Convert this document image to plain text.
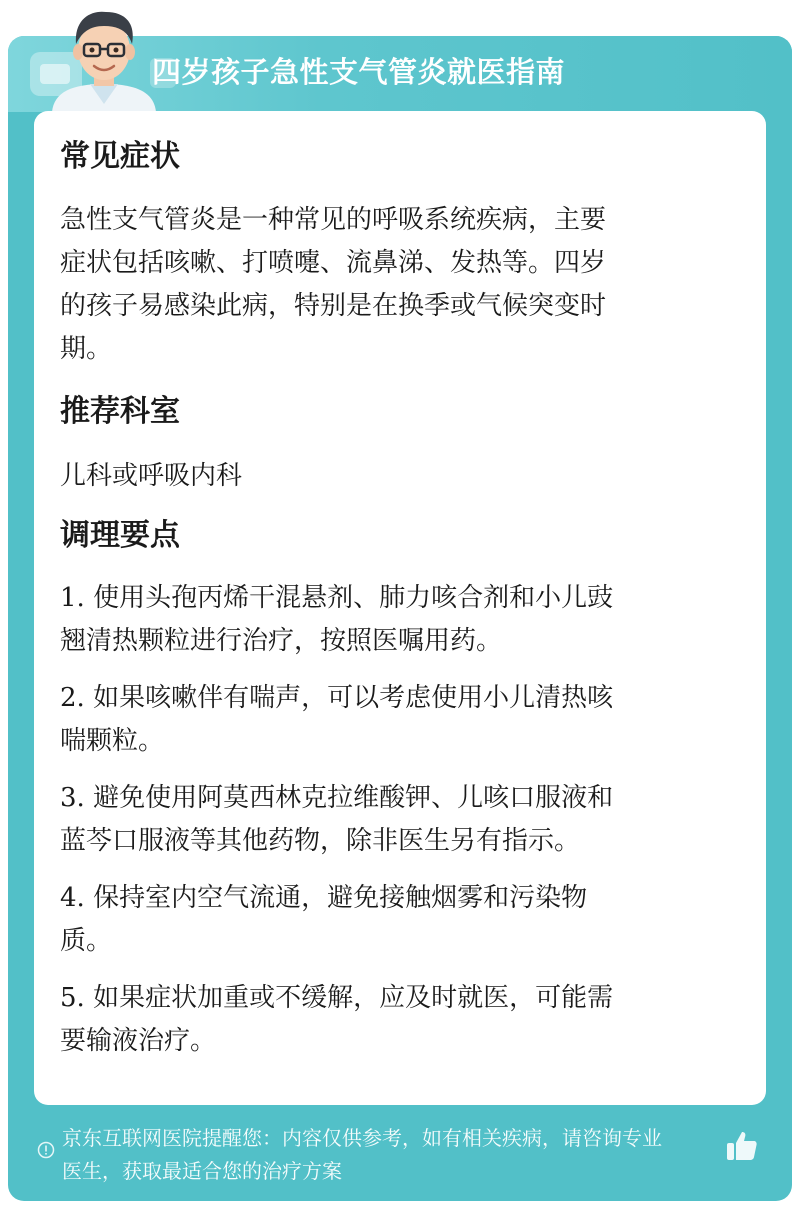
四岁孩子急性支气管炎就医指南

常见症状

急性支气管炎是一种常见的呼吸系统疾病，主要

症状包括咳嗽、打喷嚏、流鼻涕、发热等。四岁

的孩子易感染此病，特别是在换季或气候突变时

期。

推荐科室

儿科或呼吸内科

调理要点

1. 使用头孢丙烯干混悬剂、肺力咳合剂和小儿豉

翘清热颗粒进行治疗，按照医嘱用药。

2. 如果咳嗽伴有喘声，可以考虑使用小儿清热咳

喘颗粒。

3. 避免使用阿莫西林克拉维酸钾、儿咳口服液和

蓝芩口服液等其他药物，除非医生另有指示。

4. 保持室内空气流通，避免接触烟雾和污染物

质。

5. 如果症状加重或不缓解，应及时就医，可能需

要输液治疗。

京东互联网医院提醒您：内容仅供参考，如有相关疾病，请咨询专业
医生，获取最适合您的治疗方案
